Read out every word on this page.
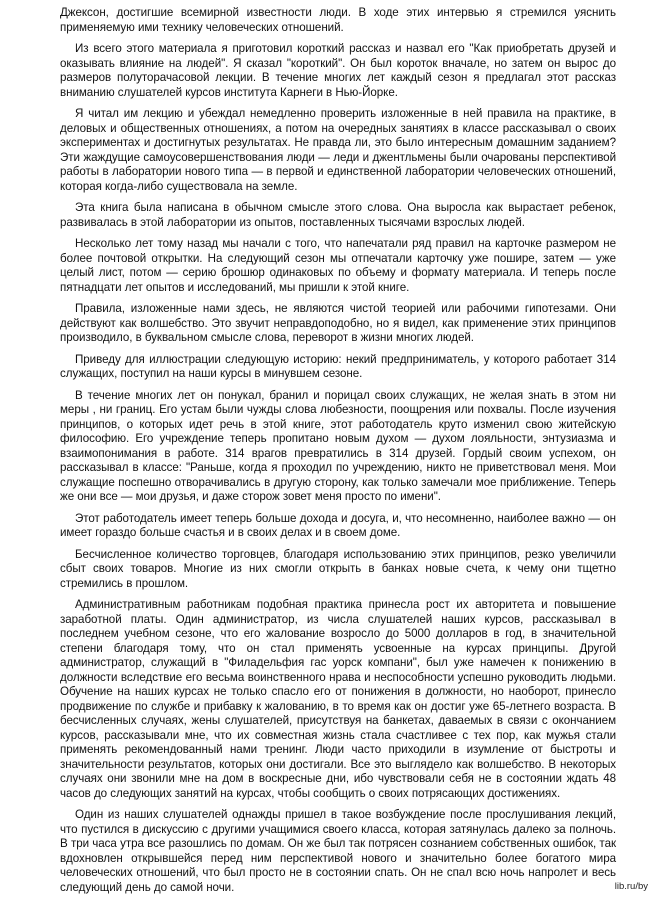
Джексон, достигшие всемирной известности люди. В ходе этих интервью я стремился уяснить применяемую ими технику человеческих отношений.

Из всего этого материала я приготовил короткий рассказ и назвал его "Как приобретать друзей и оказывать влияние на людей". Я сказал "короткий". Он был короток вначале, но затем он вырос до размеров полуторачасовой лекции. В течение многих лет каждый сезон я предлагал этот рассказ вниманию слушателей курсов института Карнеги в Нью-Йорке.

Я читал им лекцию и убеждал немедленно проверить изложенные в ней правила на практике, в деловых и общественных отношениях, а потом на очередных занятиях в классе рассказывал о своих экспериментах и достигнутых результатах. Не правда ли, это было интересным домашним заданием? Эти жаждущие самоусовершенствования люди — леди и джентльмены были очарованы перспективой работы в лаборатории нового типа — в первой и единственной лаборатории человеческих отношений, которая когда-либо существовала на земле.

Эта книга была написана в обычном смысле этого слова. Она выросла как вырастает ребенок, развивалась в этой лаборатории из опытов, поставленных тысячами взрослых людей.

Несколько лет тому назад мы начали с того, что напечатали ряд правил на карточке размером не более почтовой открытки. На следующий сезон мы отпечатали карточку уже пошире, затем — уже целый лист, потом — серию брошюр одинаковых по объему и формату материала. И теперь после пятнадцати лет опытов и исследований, мы пришли к этой книге.

Правила, изложенные нами здесь, не являются чистой теорией или рабочими гипотезами. Они действуют как волшебство. Это звучит неправдоподобно, но я видел, как применение этих принципов производило, в буквальном смысле слова, переворот в жизни многих людей.

Приведу для иллюстрации следующую историю: некий предприниматель, у которого работает 314 служащих, поступил на наши курсы в минувшем сезоне.

В течение многих лет он понукал, бранил и порицал своих служащих, не желая знать в этом ни меры , ни границ. Его устам были чужды слова любезности, поощрения или похвалы. После изучения принципов, о которых идет речь в этой книге, этот работодатель круто изменил свою житейскую философию. Его учреждение теперь пропитано новым духом — духом лояльности, энтузиазма и взаимопонимания в работе. 314 врагов превратились в 314 друзей. Гордый своим успехом, он рассказывал в классе: "Раньше, когда я проходил по учреждению, никто не приветствовал меня. Мои служащие поспешно отворачивались в другую сторону, как только замечали мое приближение. Теперь же они все — мои друзья, и даже сторож зовет меня просто по имени".

Этот работодатель имеет теперь больше дохода и досуга, и, что несомненно, наиболее важно — он имеет гораздо больше счастья и в своих делах и в своем доме.

Бесчисленное количество торговцев, благодаря использованию этих принципов, резко увеличили сбыт своих товаров. Многие из них смогли открыть в банках новые счета, к чему они тщетно стремились в прошлом.

Административным работникам подобная практика принесла рост их авторитета и повышение заработной платы. Один администратор, из числа слушателей наших курсов, рассказывал в последнем учебном сезоне, что его жалование возросло до 5000 долларов в год, в значительной степени благодаря тому, что он стал применять усвоенные на курсах принципы. Другой администратор, служащий в "Филадельфия гас уорск компани", был уже намечен к понижению в должности вследствие его весьма воинственного нрава и неспособности успешно руководить людьми. Обучение на наших курсах не только спасло его от понижения в должности, но наоборот, принесло продвижение по службе и прибавку к жалованию, в то время как он достиг уже 65-летнего возраста. В бесчисленных случаях, жены слушателей, присутствуя на банкетах, даваемых в связи с окончанием курсов, рассказывали мне, что их совместная жизнь стала счастливее с тех пор, как мужья стали применять рекомендованный нами тренинг. Люди часто приходили в изумление от быстроты и значительности результатов, которых они достигали. Все это выглядело как волшебство. В некоторых случаях они звонили мне на дом в воскресные дни, ибо чувствовали себя не в состоянии ждать 48 часов до следующих занятий на курсах, чтобы сообщить о своих потрясающих достижениях.

Один из наших слушателей однажды пришел в такое возбуждение после прослушивания лекций, что пустился в дискуссию с другими учащимися своего класса, которая затянулась далеко за полночь. В три часа утра все разошлись по домам. Он же был так потрясен сознанием собственных ошибок, так вдохновлен открывшейся перед ним перспективой нового и значительно более богатого мира человеческих отношений, что был просто не в состоянии спать. Он не спал всю ночь напролет и весь следующий день до самой ночи.	lib.ru/by
